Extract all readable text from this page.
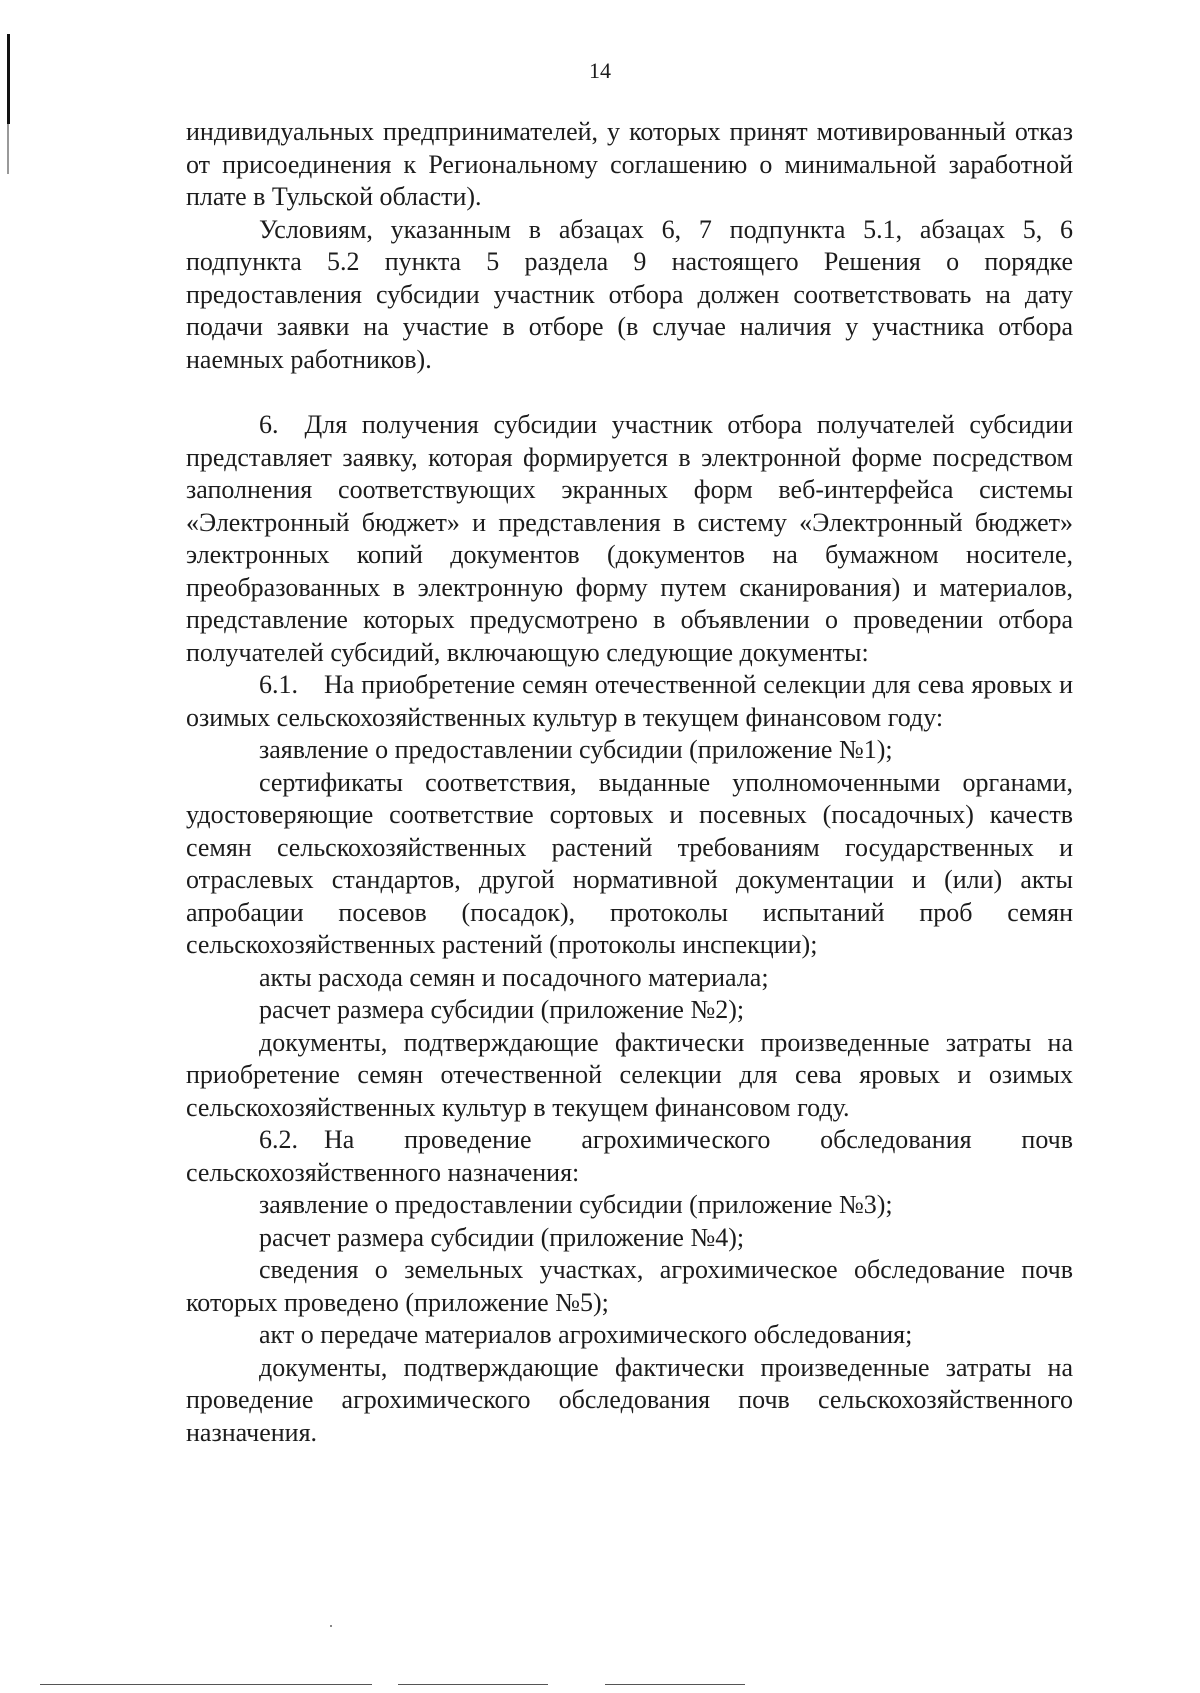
14

индивидуальных предпринимателей, у которых принят мотивированный отказ от присоединения к Региональному соглашению о минимальной заработной плате в Тульской области).

Условиям, указанным в абзацах 6, 7 подпункта 5.1, абзацах 5, 6 подпункта 5.2 пункта 5 раздела 9 настоящего Решения о порядке предоставления субсидии участник отбора должен соответствовать на дату подачи заявки на участие в отборе (в случае наличия у участника отбора наемных работников).

6. Для получения субсидии участник отбора получателей субсидии представляет заявку, которая формируется в электронной форме посредством заполнения соответствующих экранных форм веб-интерфейса системы «Электронный бюджет» и представления в систему «Электронный бюджет» электронных копий документов (документов на бумажном носителе, преобразованных в электронную форму путем сканирования) и материалов, представление которых предусмотрено в объявлении о проведении отбора получателей субсидий, включающую следующие документы:

6.1. На приобретение семян отечественной селекции для сева яровых и озимых сельскохозяйственных культур в текущем финансовом году:

заявление о предоставлении субсидии (приложение №1);

сертификаты соответствия, выданные уполномоченными органами, удостоверяющие соответствие сортовых и посевных (посадочных) качеств семян сельскохозяйственных растений требованиям государственных и отраслевых стандартов, другой нормативной документации и (или) акты апробации посевов (посадок), протоколы испытаний проб семян сельскохозяйственных растений (протоколы инспекции);

акты расхода семян и посадочного материала;

расчет размера субсидии (приложение №2);

документы, подтверждающие фактически произведенные затраты на приобретение семян отечественной селекции для сева яровых и озимых сельскохозяйственных культур в текущем финансовом году.

6.2. На проведение агрохимического обследования почв сельскохозяйственного назначения:

заявление о предоставлении субсидии (приложение №3);

расчет размера субсидии (приложение №4);

сведения о земельных участках, агрохимическое обследование почв которых проведено (приложение №5);

акт о передаче материалов агрохимического обследования;

документы, подтверждающие фактически произведенные затраты на проведение агрохимического обследования почв сельскохозяйственного назначения.
